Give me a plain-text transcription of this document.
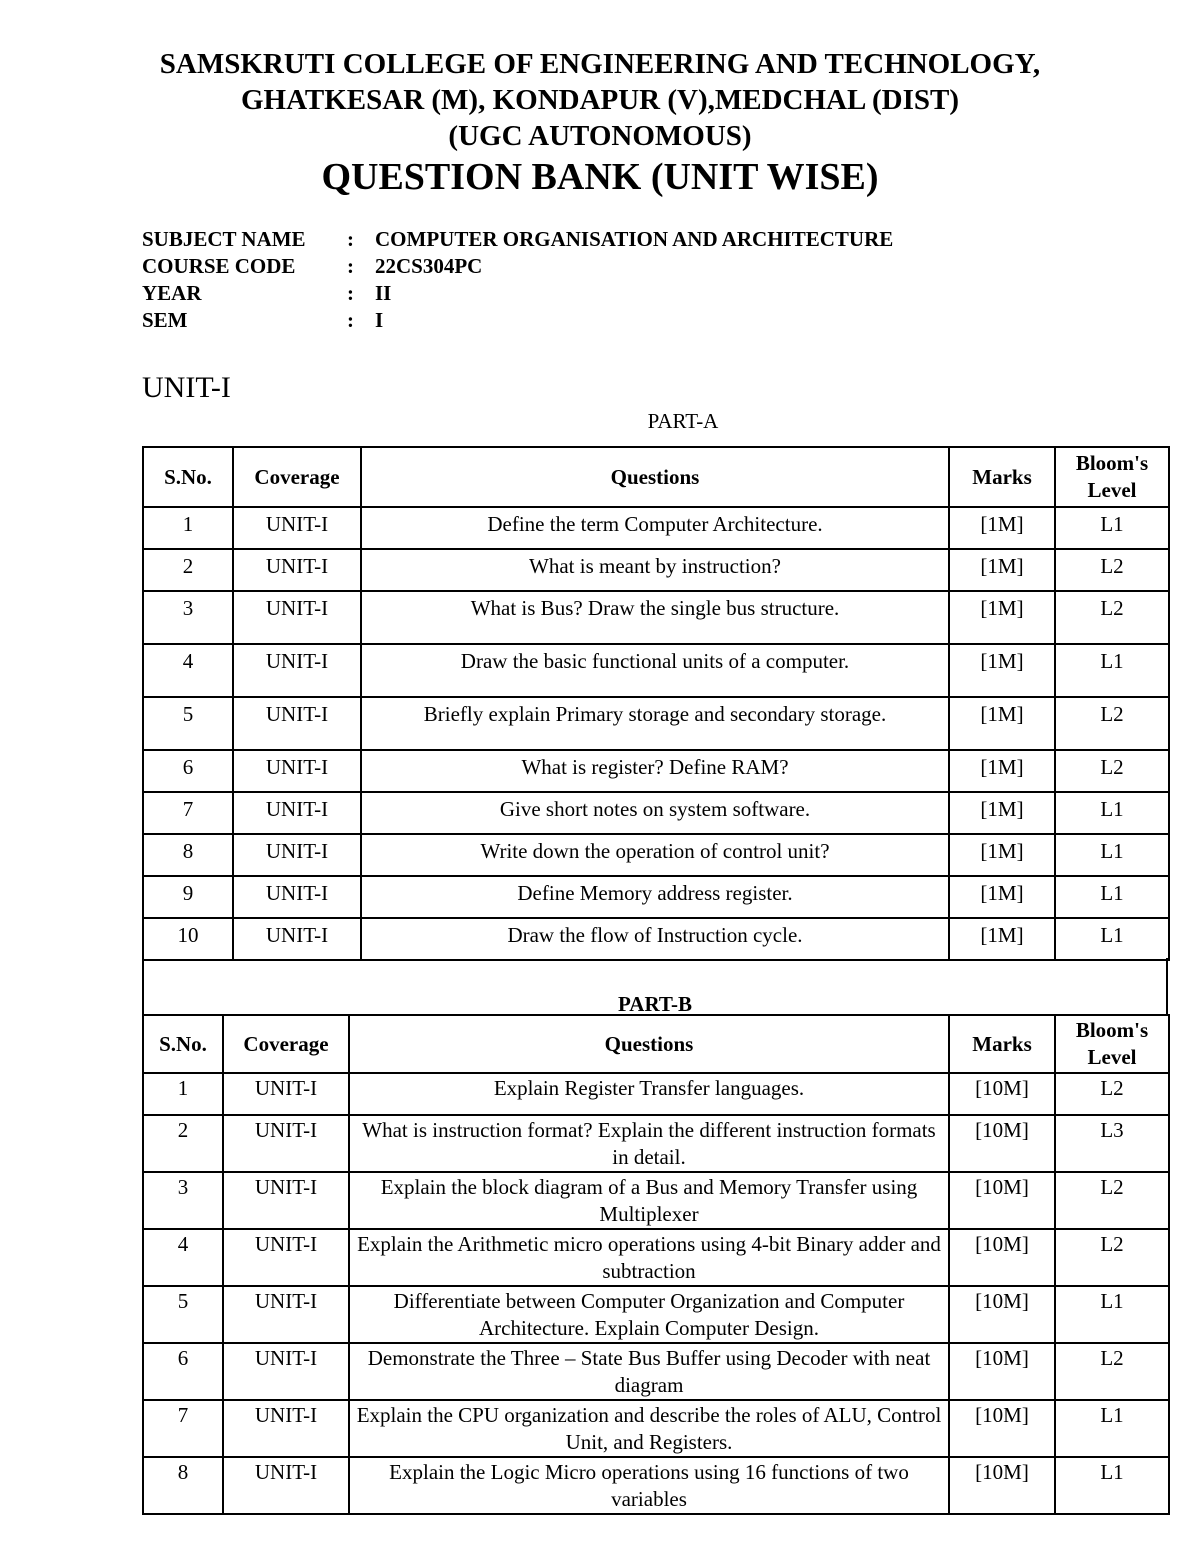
SAMSKRUTI COLLEGE OF ENGINEERING AND TECHNOLOGY,
GHATKESAR (M), KONDAPUR (V),MEDCHAL (DIST)
(UGC AUTONOMOUS)
QUESTION BANK (UNIT WISE)
SUBJECT NAME	:	COMPUTER ORGANISATION AND ARCHITECTURE
COURSE CODE	:	22CS304PC
YEAR	:	II
SEM	:	I
UNIT-I
PART-A
S.No.	Coverage	Questions	Marks	Bloom's Level
1	UNIT-I	Define the term Computer Architecture.	[1M]	L1
2	UNIT-I	What is meant by instruction?	[1M]	L2
3	UNIT-I	What is Bus? Draw the single bus structure.	[1M]	L2
4	UNIT-I	Draw the basic functional units of a computer.	[1M]	L1
5	UNIT-I	Briefly explain Primary storage and secondary storage.	[1M]	L2
6	UNIT-I	What is register? Define RAM?	[1M]	L2
7	UNIT-I	Give short notes on system software.	[1M]	L1
8	UNIT-I	Write down the operation of control unit?	[1M]	L1
9	UNIT-I	Define Memory address register.	[1M]	L1
10	UNIT-I	Draw the flow of Instruction cycle.	[1M]	L1
PART-B
S.No.	Coverage	Questions	Marks	Bloom's Level
1	UNIT-I	Explain Register Transfer languages.	[10M]	L2
2	UNIT-I	What is instruction format? Explain the different instruction formats in detail.	[10M]	L3
3	UNIT-I	Explain the block diagram of a Bus and Memory Transfer using Multiplexer	[10M]	L2
4	UNIT-I	Explain the Arithmetic micro operations using 4-bit Binary adder and subtraction	[10M]	L2
5	UNIT-I	Differentiate between Computer Organization and Computer Architecture. Explain Computer Design.	[10M]	L1
6	UNIT-I	Demonstrate the Three – State Bus Buffer using Decoder with neat diagram	[10M]	L2
7	UNIT-I	Explain the CPU organization and describe the roles of ALU, Control Unit, and Registers.	[10M]	L1
8	UNIT-I	Explain the Logic Micro operations using 16 functions of two variables	[10M]	L1
